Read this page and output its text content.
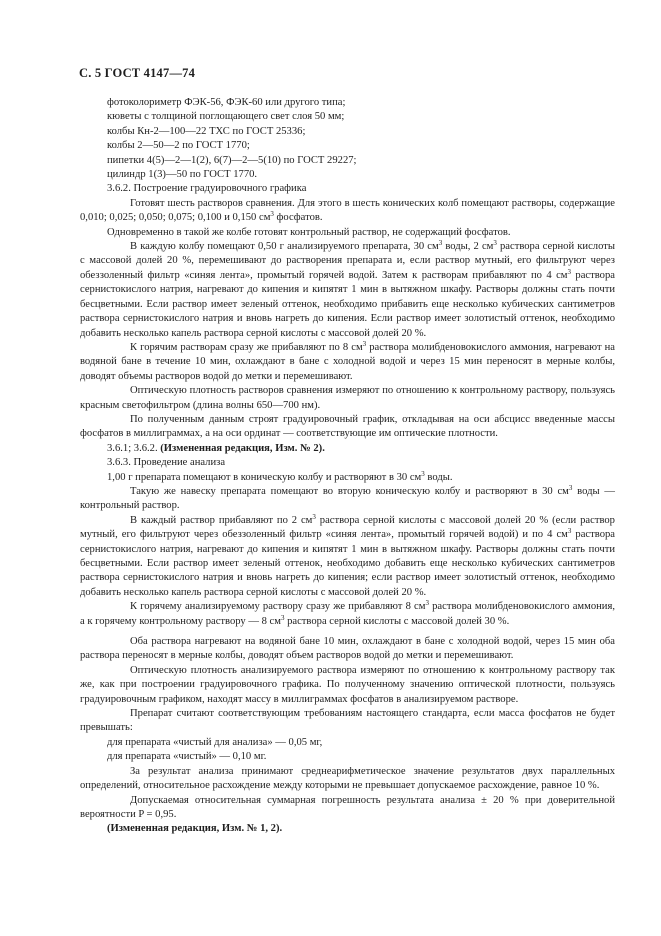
С. 5 ГОСТ 4147—74

фотоколориметр ФЭК-56, ФЭК-60 или другого типа;

кюветы с толщиной поглощающего свет слоя 50 мм;

колбы Кн-2—100—22 ТХС по ГОСТ 25336;

колбы 2—50—2 по ГОСТ 1770;

пипетки 4(5)—2—1(2), 6(7)—2—5(10) по ГОСТ 29227;

цилиндр 1(3)—50 по ГОСТ 1770.

3.6.2. Построение градуировочного графика

Готовят шесть растворов сравнения. Для этого в шесть конических колб помещают растворы, содержащие 0,010; 0,025; 0,050; 0,075; 0,100 и 0,150 $см^3$ фосфатов.

Одновременно в такой же колбе готовят контрольный раствор, не содержащий фосфатов.

В каждую колбу помещают 0,50 г анализируемого препарата, 30 $см^3$ воды, 2 $см^3$ раствора серной кислоты с массовой долей 20 %, перемешивают до растворения препарата и, если раствор мутный, его фильтруют через обеззоленный фильтр «синяя лента», промытый горячей водой. Затем к растворам прибавляют по 4 $см^3$ раствора сернистокислого натрия, нагревают до кипения и кипятят 1 мин в вытяжном шкафу. Растворы должны стать почти бесцветными. Если раствор имеет зеленый оттенок, необходимо прибавить еще несколько кубических сантиметров раствора сернистокислого натрия и вновь нагреть до кипения. Если раствор имеет золотистый оттенок, необходимо добавить несколько капель раствора серной кислоты с массовой долей 20 %.

К горячим растворам сразу же прибавляют по 8 $см^3$ раствора молибденовокислого аммония, нагревают на водяной бане в течение 10 мин, охлаждают в бане с холодной водой и через 15 мин переносят в мерные колбы, доводят объемы растворов водой до метки и перемешивают.

Оптическую плотность растворов сравнения измеряют по отношению к контрольному раствору, пользуясь красным светофильтром (длина волны 650—700 нм).

По полученным данным строят градуировочный график, откладывая на оси абсцисс введенные массы фосфатов в миллиграммах, а на оси ординат — соответствующие им оптические плотности.

3.6.1; 3.6.2. (Измененная редакция, Изм. № 2).

3.6.3. Проведение анализа

1,00 г препарата помещают в коническую колбу и растворяют в 30 $см^3$ воды.

Такую же навеску препарата помещают во вторую коническую колбу и растворяют в 30 $см^3$ воды — контрольный раствор.

В каждый раствор прибавляют по 2 $см^3$ раствора серной кислоты с массовой долей 20 % (если раствор мутный, его фильтруют через обеззоленный фильтр «синяя лента», промытый горячей водой) и по 4 $см^3$ раствора сернистокислого натрия, нагревают до кипения и кипятят 1 мин в вытяжном шкафу. Растворы должны стать почти бесцветными. Если раствор имеет зеленый оттенок, необходимо добавить еще несколько кубических сантиметров раствора сернистокислого натрия и вновь нагреть до кипения; если раствор имеет золотистый оттенок, необходимо добавить несколько капель раствора серной кислоты с массовой долей 20 %.

К горячему анализируемому раствору сразу же прибавляют 8 $см^3$ раствора молибденовокислого аммония, а к горячему контрольному раствору — 8 $см^3$ раствора серной кислоты с массовой долей 30 %.

Оба раствора нагревают на водяной бане 10 мин, охлаждают в бане с холодной водой, через 15 мин оба раствора переносят в мерные колбы, доводят объем растворов водой до метки и перемешивают.

Оптическую плотность анализируемого раствора измеряют по отношению к контрольному раствору так же, как при построении градуировочного графика. По полученному значению оптической плотности, пользуясь градуировочным графиком, находят массу в миллиграммах фосфатов в анализируемом растворе.

Препарат считают соответствующим требованиям настоящего стандарта, если масса фосфатов не будет превышать:

для препарата «чистый для анализа» — 0,05 мг,

для препарата «чистый» — 0,10 мг.

За результат анализа принимают среднеарифметическое значение результатов двух параллельных определений, относительное расхождение между которыми не превышает допускаемое расхождение, равное 10 %.

Допускаемая относительная суммарная погрешность результата анализа ± 20 % при доверительной вероятности P = 0,95.

(Измененная редакция, Изм. № 1, 2).
